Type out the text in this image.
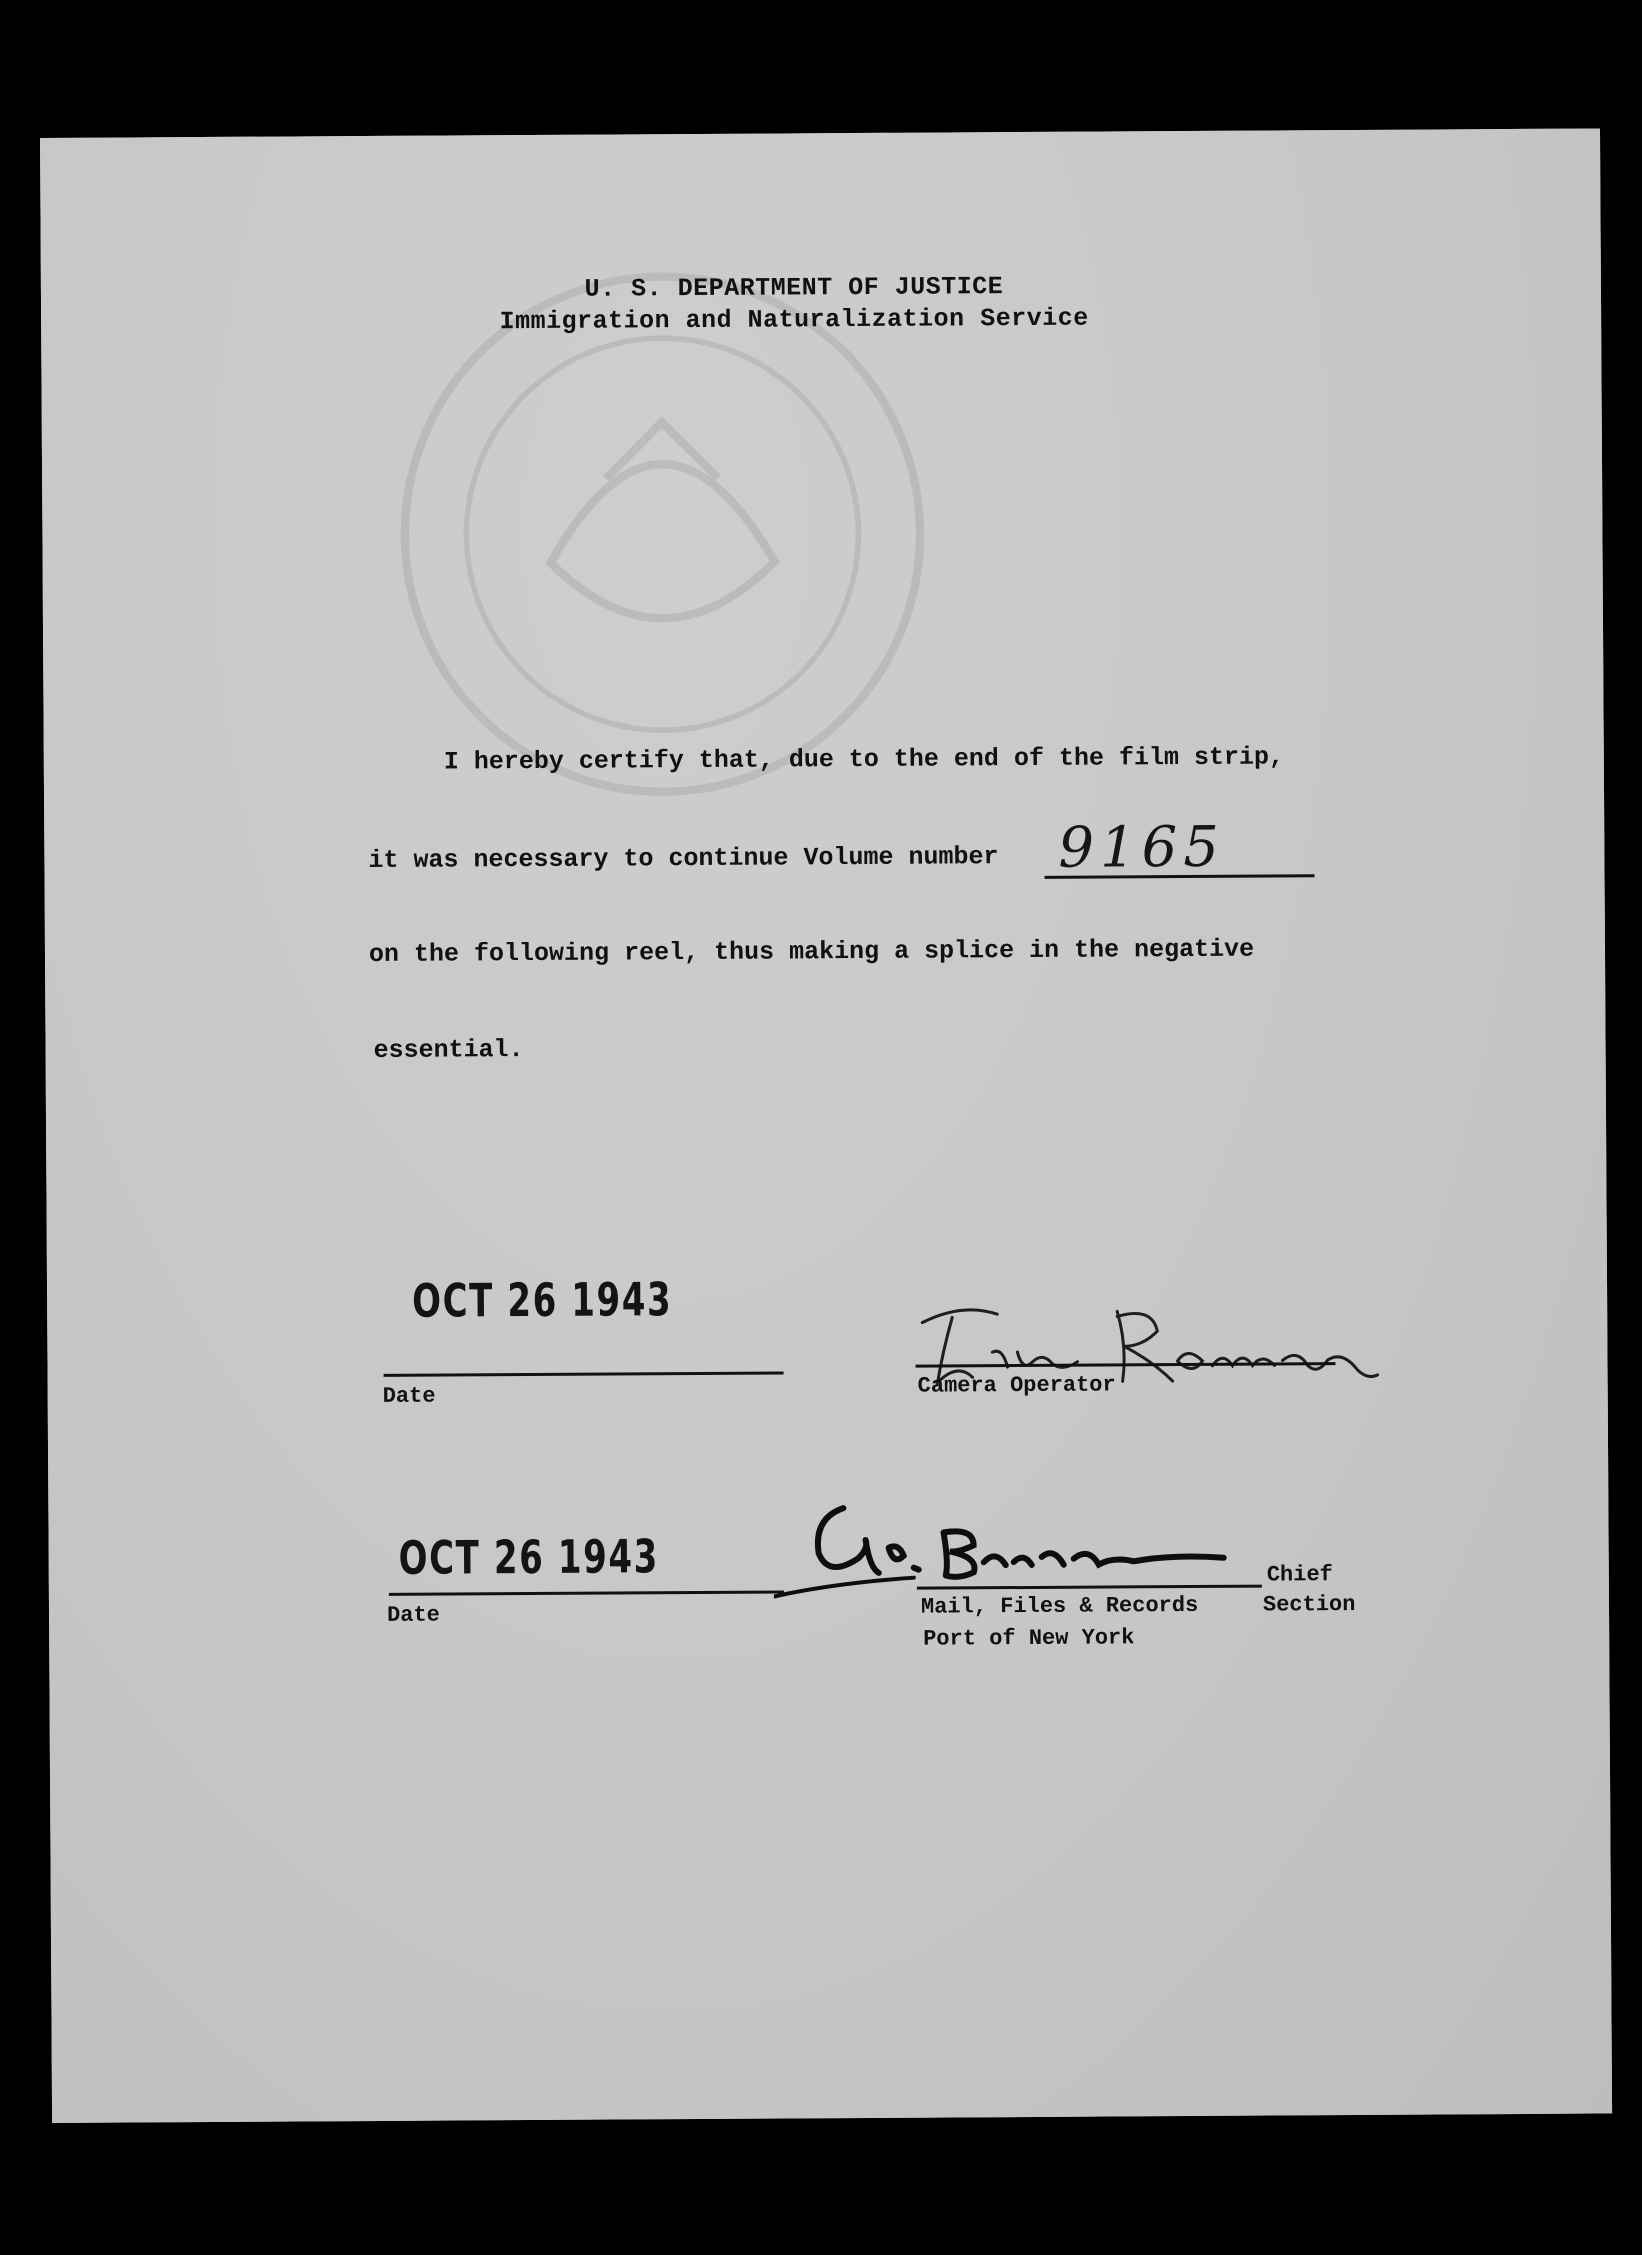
U. S. DEPARTMENT OF JUSTICE
Immigration and Naturalization Service
I hereby certify that, due to the end of the film strip,
it was necessary to continue Volume number 9165
on the following reel, thus making a splice in the negative
essential.
OCT 26 1943
Date	Camera Operator
OCT 26 1943
Date
Chief
Mail, Files & Records	Section
Port of New York
